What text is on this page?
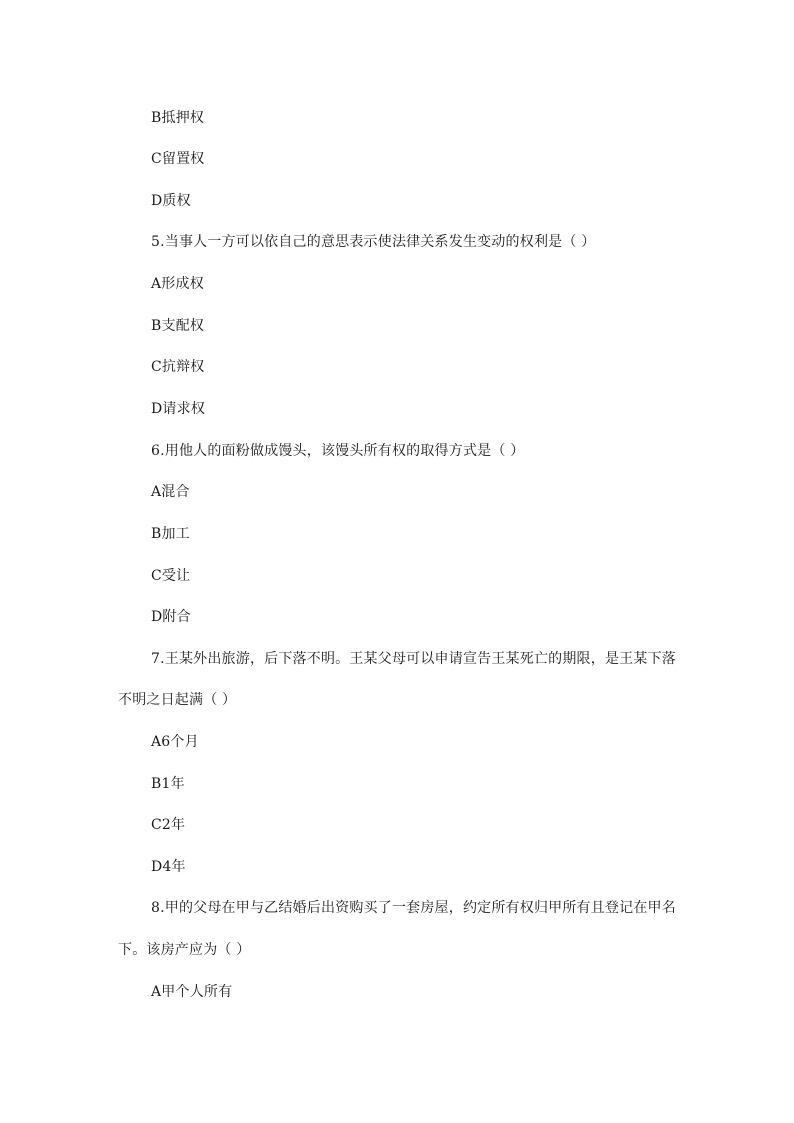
B抵押权
C留置权
D质权
5.当事人一方可以依自己的意思表示使法律关系发生变动的权利是（ ）
A形成权
B支配权
C抗辩权
D请求权
6.用他人的面粉做成馒头，该馒头所有权的取得方式是（ ）
A混合
B加工
C受让
D附合
7.王某外出旅游，后下落不明。王某父母可以申请宣告王某死亡的期限，是王某下落
不明之日起满（ ）
A6个月
B1年
C2年
D4年
8.甲的父母在甲与乙结婚后出资购买了一套房屋，约定所有权归甲所有且登记在甲名
下。该房产应为（ ）
A甲个人所有
